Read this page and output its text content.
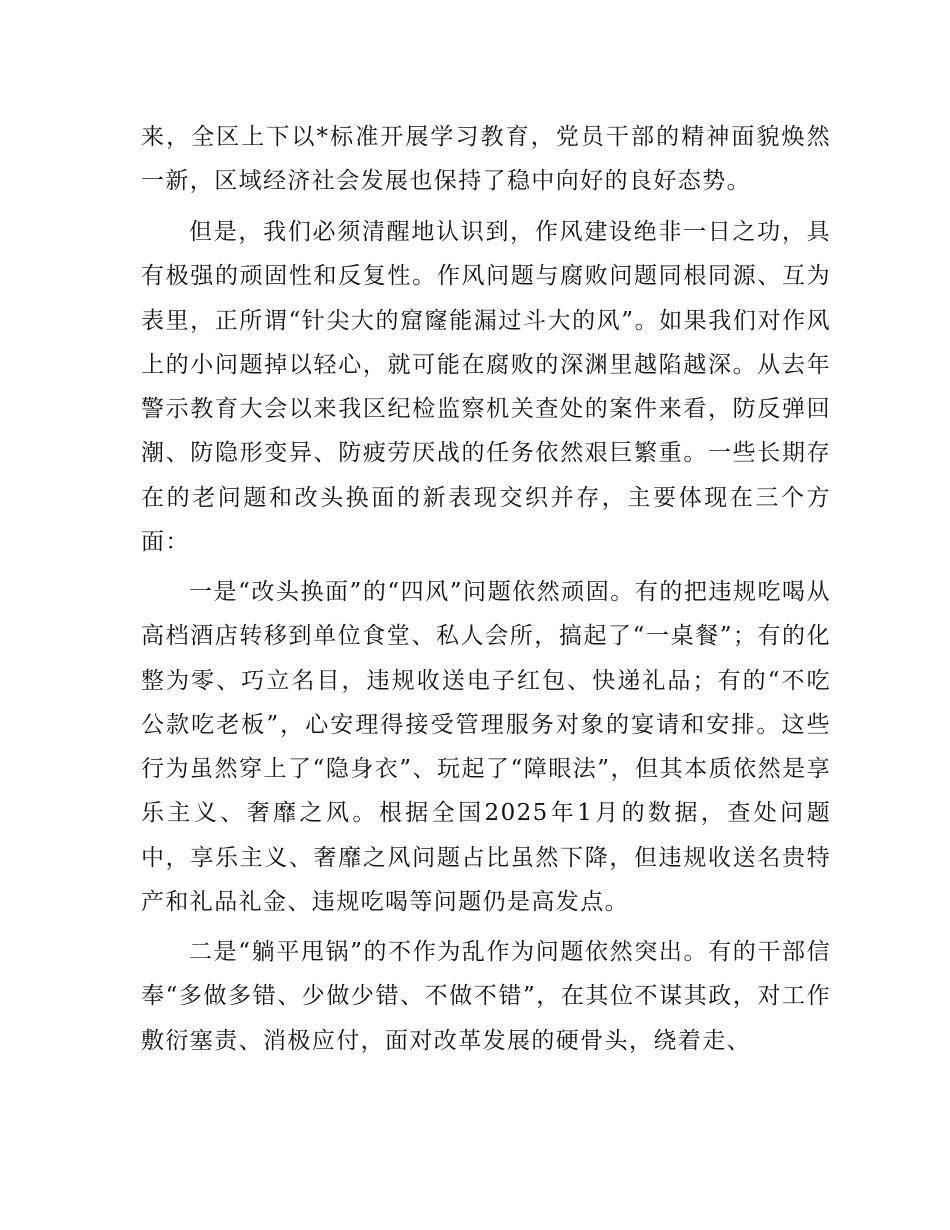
来，全区上下以*标准开展学习教育，党员干部的精神面貌焕然一新，区域经济社会发展也保持了稳中向好的良好态势。

但是，我们必须清醒地认识到，作风建设绝非一日之功，具有极强的顽固性和反复性。作风问题与腐败问题同根同源、互为表里，正所谓“针尖大的窟窿能漏过斗大的风”。如果我们对作风上的小问题掉以轻心，就可能在腐败的深渊里越陷越深。从去年警示教育大会以来我区纪检监察机关查处的案件来看，防反弹回潮、防隐形变异、防疲劳厌战的任务依然艰巨繁重。一些长期存在的老问题和改头换面的新表现交织并存，主要体现在三个方面：

一是“改头换面”的“四风”问题依然顽固。有的把违规吃喝从高档酒店转移到单位食堂、私人会所，搞起了“一桌餐”；有的化整为零、巧立名目，违规收送电子红包、快递礼品；有的“不吃公款吃老板”，心安理得接受管理服务对象的宴请和安排。这些行为虽然穿上了“隐身衣”、玩起了“障眼法”，但其本质依然是享乐主义、奢靡之风。根据全国2025年1月的数据，查处问题中，享乐主义、奢靡之风问题占比虽然下降，但违规收送名贵特产和礼品礼金、违规吃喝等问题仍是高发点。

二是“躺平甩锅”的不作为乱作为问题依然突出。有的干部信奉“多做多错、少做少错、不做不错”，在其位不谋其政，对工作敷衍塞责、消极应付，面对改革发展的硬骨头，绕着走、
